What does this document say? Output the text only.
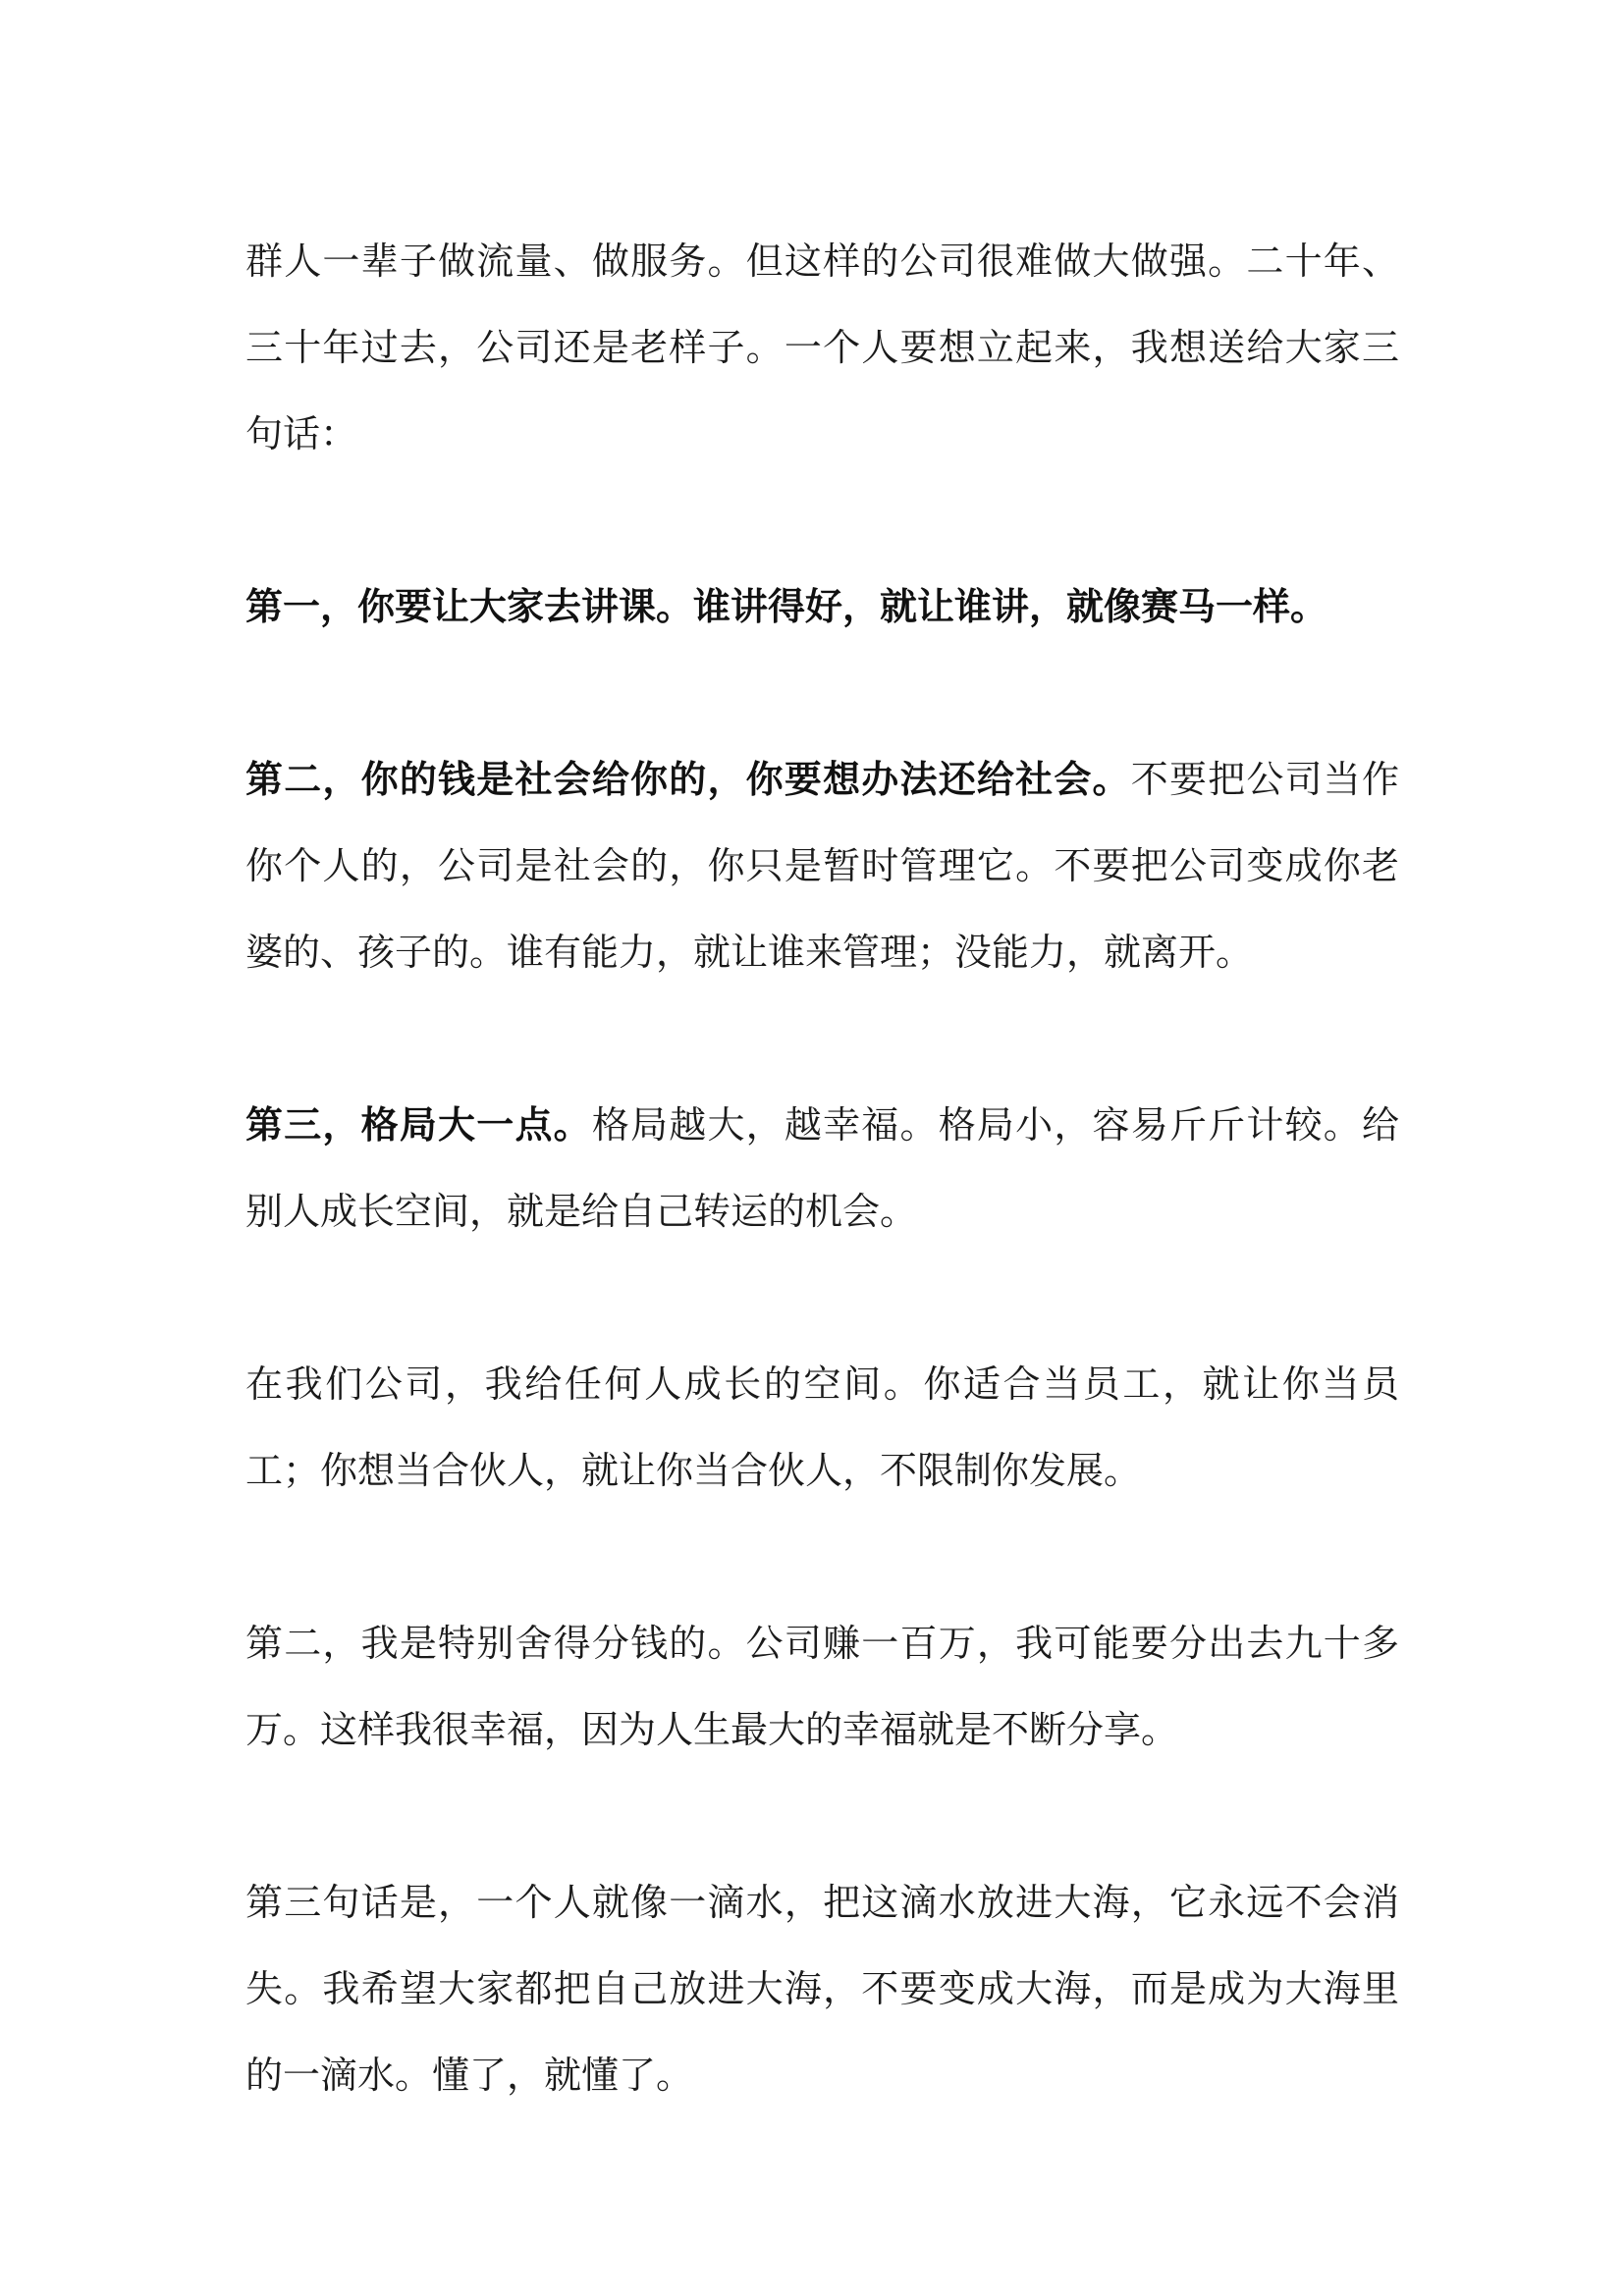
群人一辈子做流量、做服务。但这样的公司很难做大做强。二十年、三十年过去，公司还是老样子。一个人要想立起来，我想送给大家三句话：

第一，你要让大家去讲课。谁讲得好，就让谁讲，就像赛马一样。

第二，你的钱是社会给你的，你要想办法还给社会。不要把公司当作你个人的，公司是社会的，你只是暂时管理它。不要把公司变成你老婆的、孩子的。谁有能力，就让谁来管理；没能力，就离开。

第三，格局大一点。格局越大，越幸福。格局小，容易斤斤计较。给别人成长空间，就是给自己转运的机会。

在我们公司，我给任何人成长的空间。你适合当员工，就让你当员工；你想当合伙人，就让你当合伙人，不限制你发展。

第二，我是特别舍得分钱的。公司赚一百万，我可能要分出去九十多万。这样我很幸福，因为人生最大的幸福就是不断分享。

第三句话是，一个人就像一滴水，把这滴水放进大海，它永远不会消失。我希望大家都把自己放进大海，不要变成大海，而是成为大海里的一滴水。懂了，就懂了。
